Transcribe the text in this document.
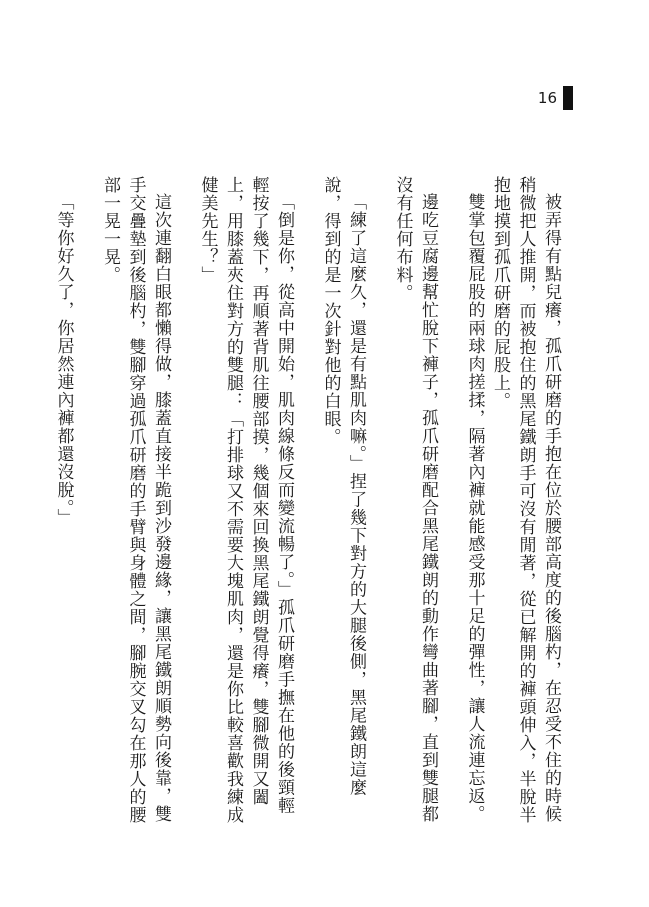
16

被弄得有點兒癢，孤爪研磨的手抱在位於腰部高度的後腦杓，在忍受不住的時候稍微把人推開，而被抱住的黑尾鐵朗手可沒有閒著，從已解開的褲頭伸入，半脫半抱地摸到孤爪研磨的屁股上。

雙掌包覆屁股的兩球肉搓揉，隔著內褲就能感受那十足的彈性，讓人流連忘返。

邊吃豆腐邊幫忙脫下褲子，孤爪研磨配合黑尾鐵朗的動作彎曲著腳，直到雙腿都沒有任何布料。

「練了這麼久，還是有點肌肉嘛。」捏了幾下對方的大腿後側，黑尾鐵朗這麼說，得到的是一次針對他的白眼。

「倒是你，從高中開始，肌肉線條反而變流暢了。」孤爪研磨手撫在他的後頸輕輕按了幾下，再順著背肌往腰部摸，幾個來回換黑尾鐵朗覺得癢，雙腳微開又闔上，用膝蓋夾住對方的雙腿：「打排球又不需要大塊肌肉，還是你比較喜歡我練成健美先生？」

這次連翻白眼都懶得做，膝蓋直接半跪到沙發邊緣，讓黑尾鐵朗順勢向後靠，雙手交疊墊到後腦杓，雙腳穿過孤爪研磨的手臂與身體之間，腳腕交叉勾在那人的腰部一晃一晃。

「等你好久了，你居然連內褲都還沒脫。」
